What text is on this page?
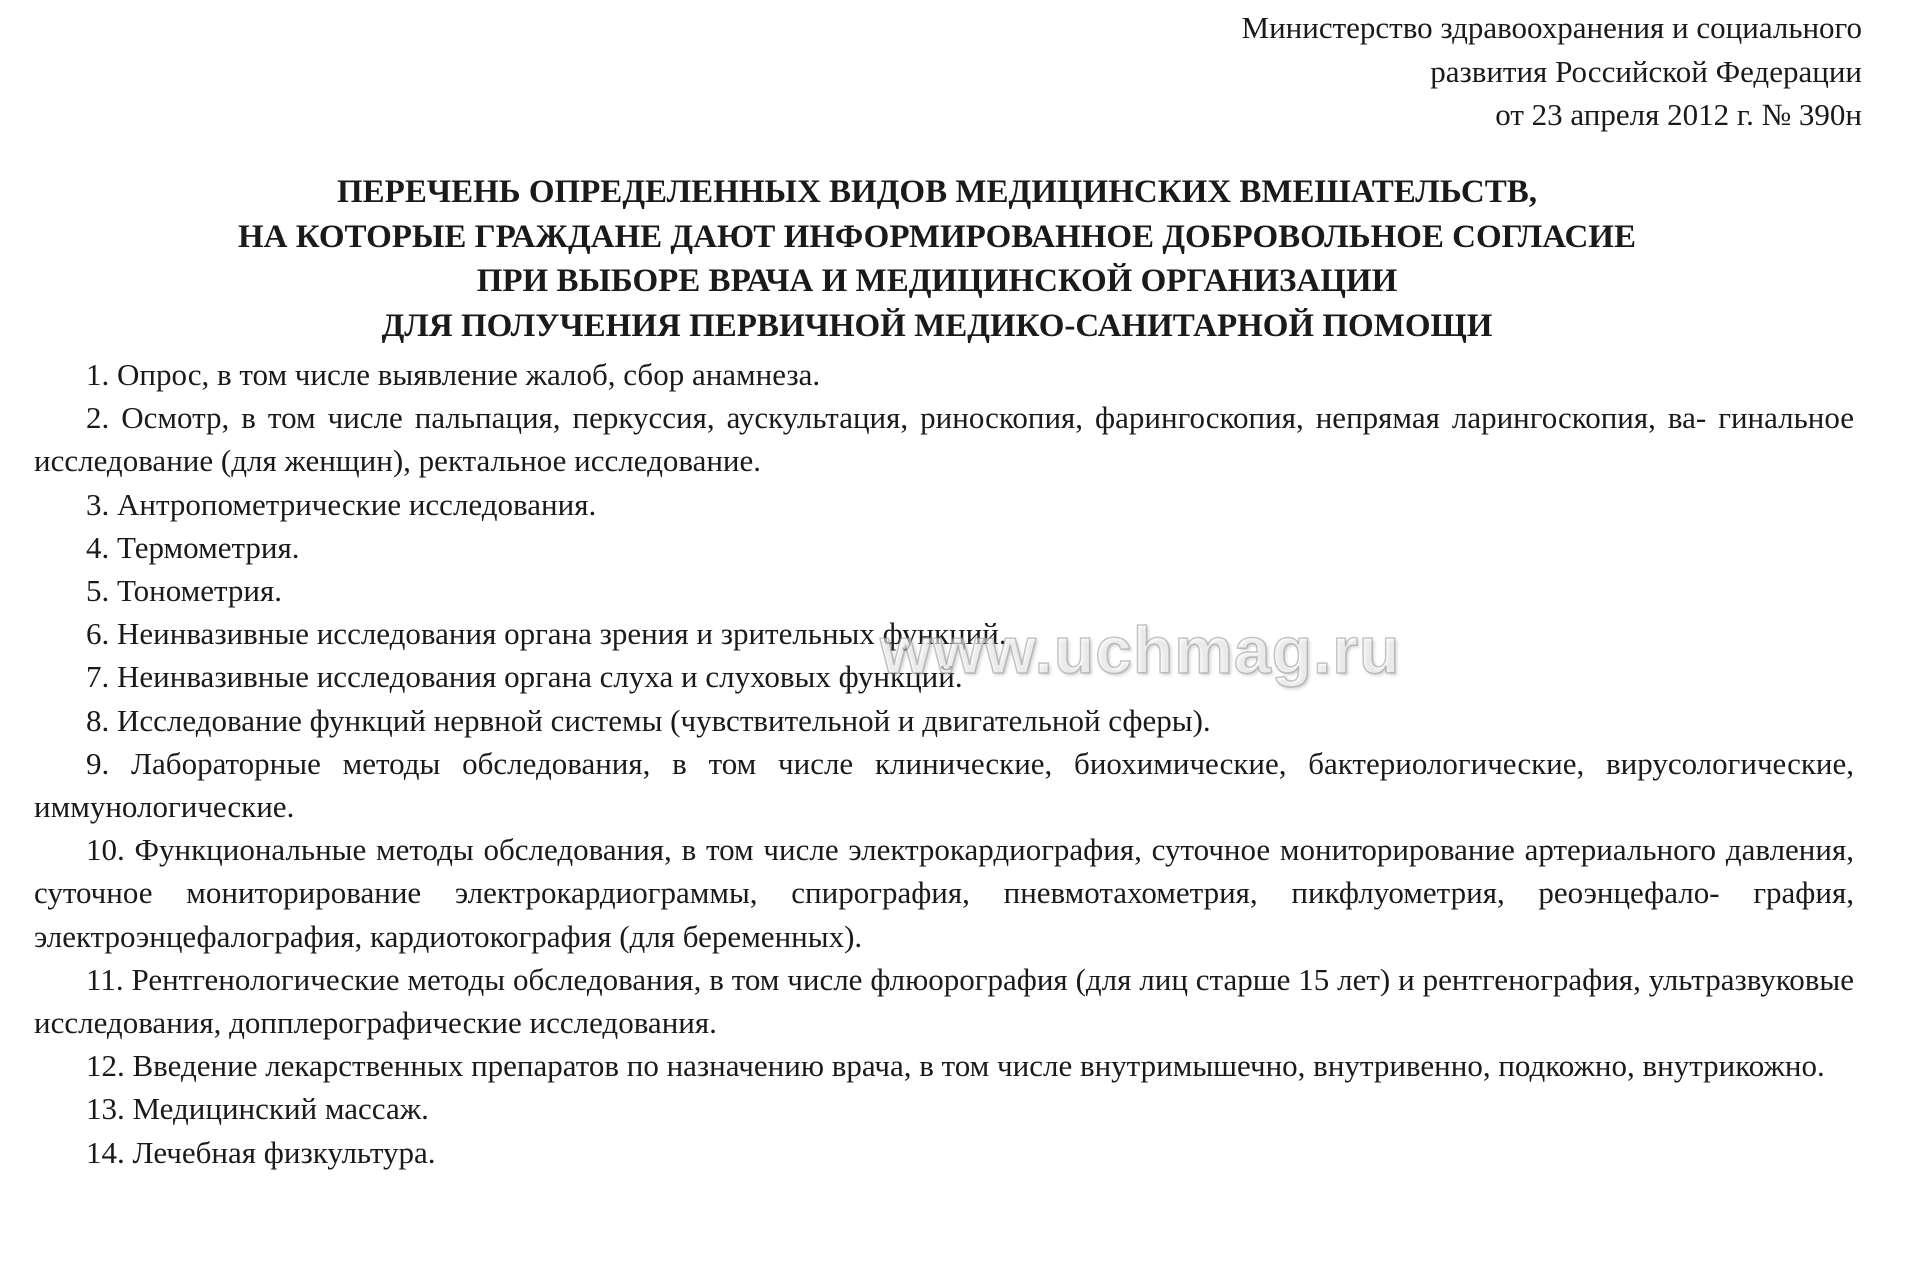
Министерство здравоохранения и социального
развития Российской Федерации
от 23 апреля 2012 г. № 390н
ПЕРЕЧЕНЬ ОПРЕДЕЛЕННЫХ ВИДОВ МЕДИЦИНСКИХ ВМЕШАТЕЛЬСТВ,
НА КОТОРЫЕ ГРАЖДАНЕ ДАЮТ ИНФОРМИРОВАННОЕ ДОБРОВОЛЬНОЕ СОГЛАСИЕ
ПРИ ВЫБОРЕ ВРАЧА И МЕДИЦИНСКОЙ ОРГАНИЗАЦИИ
ДЛЯ ПОЛУЧЕНИЯ ПЕРВИЧНОЙ МЕДИКО-САНИТАРНОЙ ПОМОЩИ

1. Опрос, в том числе выявление жалоб, сбор анамнеза.

2. Осмотр, в том числе пальпация, перкуссия, аускультация, риноскопия, фарингоскопия, непрямая ларингоскопия, ва- гинальное исследование (для женщин), ректальное исследование.

3. Антропометрические исследования.

4. Термометрия.

5. Тонометрия.

6. Неинвазивные исследования органа зрения и зрительных функций.

7. Неинвазивные исследования органа слуха и слуховых функций.

8. Исследование функций нервной системы (чувствительной и двигательной сферы).

9. Лабораторные методы обследования, в том числе клинические, биохимические, бактериологические, вирусологические, иммунологические.

10. Функциональные методы обследования, в том числе электрокардиография, суточное мониторирование артериального давления, суточное мониторирование электрокардиограммы, спирография, пневмотахометрия, пикфлуометрия, реоэнцефало- графия, электроэнцефалография, кардиотокография (для беременных).

11. Рентгенологические методы обследования, в том числе флюорография (для лиц старше 15 лет) и рентгенография, ультразвуковые исследования, допплерографические исследования.

12. Введение лекарственных препаратов по назначению врача, в том числе внутримышечно, внутривенно, подкожно, внутрикожно.

13. Медицинский массаж.

14. Лечебная физкультура.

www.uchmag.ru
